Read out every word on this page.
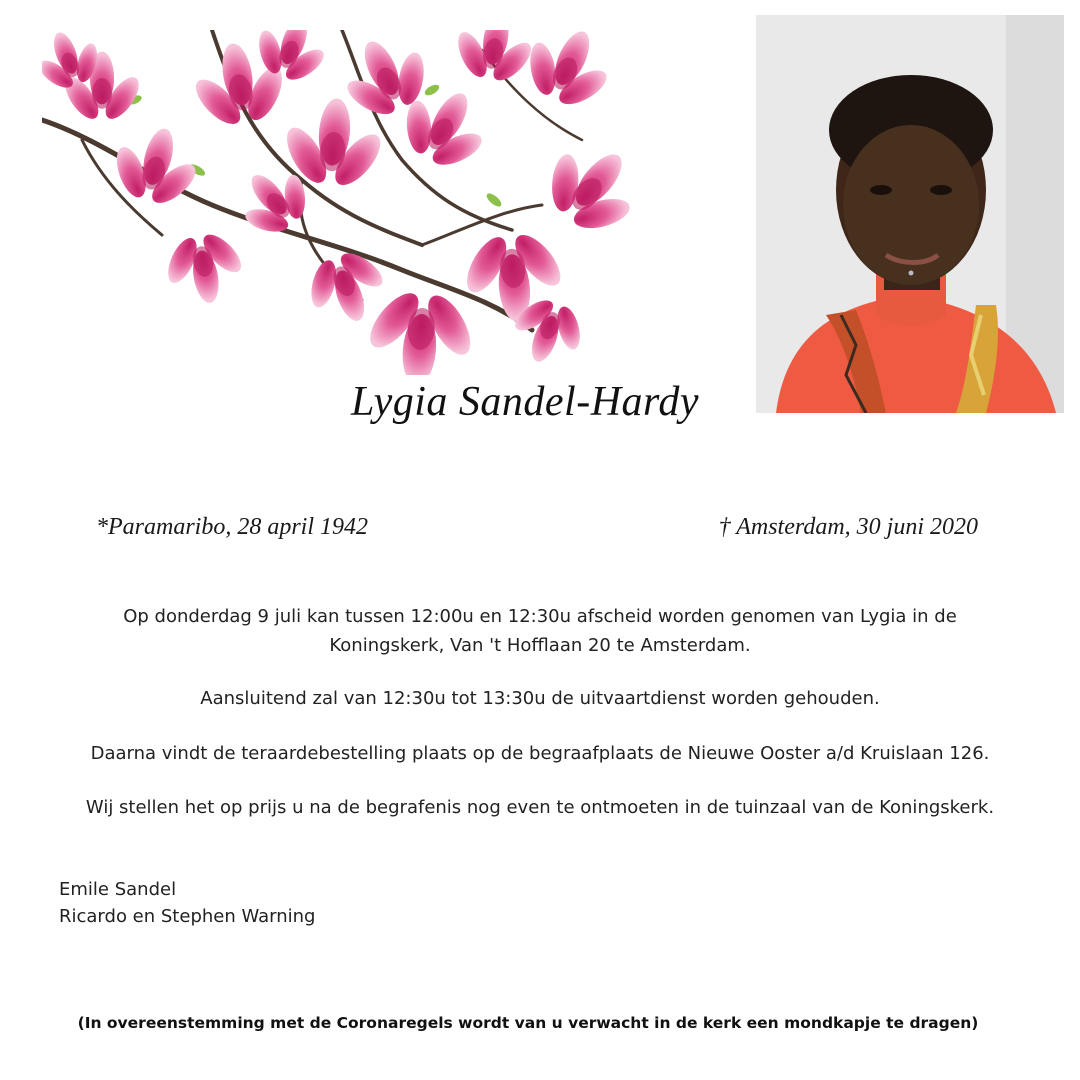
Lygia Sandel-Hardy
*Paramaribo, 28 april 1942	† Amsterdam, 30 juni 2020
Op donderdag 9 juli kan tussen 12:00u en 12:30u afscheid worden genomen van Lygia in de
Koningskerk, Van 't Hofflaan 20 te Amsterdam.
Aansluitend zal van 12:30u tot 13:30u de uitvaartdienst worden gehouden.
Daarna vindt de teraardebestelling plaats op de begraafplaats de Nieuwe Ooster a/d Kruislaan 126.
Wij stellen het op prijs u na de begrafenis nog even te ontmoeten in de tuinzaal van de Koningskerk.
Emile Sandel
Ricardo en Stephen Warning
(In overeenstemming met de Coronaregels wordt van u verwacht in de kerk een mondkapje te dragen)
